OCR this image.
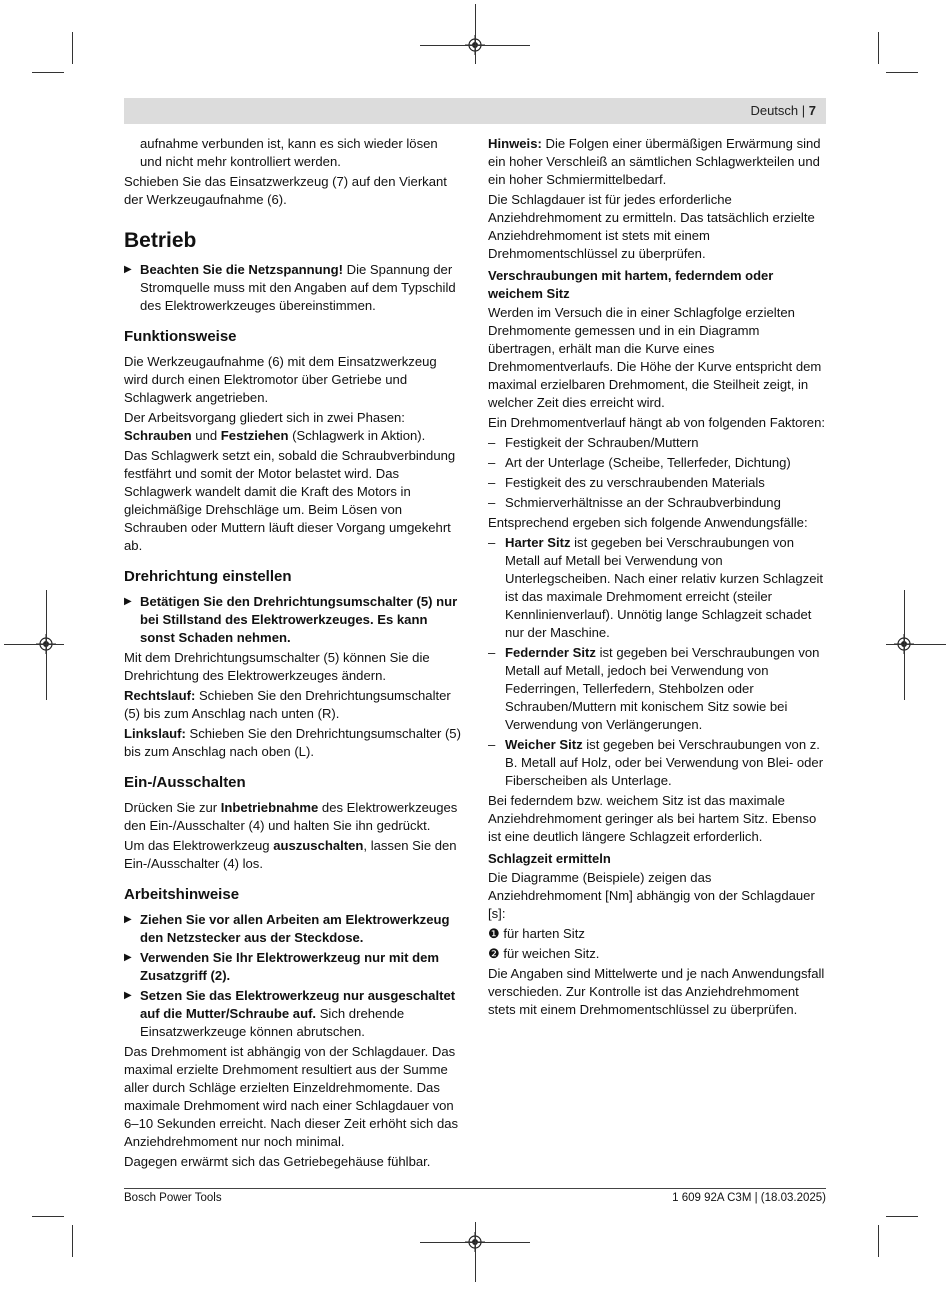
Deutsch | 7

aufnahme verbunden ist, kann es sich wieder lösen und nicht mehr kontrolliert werden.

Schieben Sie das Einsatzwerkzeug (7) auf den Vierkant der Werkzeugaufnahme (6).

Betrieb

▶ Beachten Sie die Netzspannung! Die Spannung der Stromquelle muss mit den Angaben auf dem Typschild des Elektrowerkzeuges übereinstimmen.

Funktionsweise

Die Werkzeugaufnahme (6) mit dem Einsatzwerkzeug wird durch einen Elektromotor über Getriebe und Schlagwerk angetrieben.

Der Arbeitsvorgang gliedert sich in zwei Phasen:
Schrauben und Festziehen (Schlagwerk in Aktion).

Das Schlagwerk setzt ein, sobald die Schraubverbindung festfährt und somit der Motor belastet wird. Das Schlagwerk wandelt damit die Kraft des Motors in gleichmäßige Drehschläge um. Beim Lösen von Schrauben oder Muttern läuft dieser Vorgang umgekehrt ab.

Drehrichtung einstellen

▶ Betätigen Sie den Drehrichtungsumschalter (5) nur bei Stillstand des Elektrowerkzeuges. Es kann sonst Schaden nehmen.

Mit dem Drehrichtungsumschalter (5) können Sie die Drehrichtung des Elektrowerkzeuges ändern.

Rechtslauf: Schieben Sie den Drehrichtungsumschalter (5) bis zum Anschlag nach unten (R).

Linkslauf: Schieben Sie den Drehrichtungsumschalter (5) bis zum Anschlag nach oben (L).

Ein-/Ausschalten

Drücken Sie zur Inbetriebnahme des Elektrowerkzeuges den Ein-/Ausschalter (4) und halten Sie ihn gedrückt.

Um das Elektrowerkzeug auszuschalten, lassen Sie den Ein-/Ausschalter (4) los.

Arbeitshinweise

▶ Ziehen Sie vor allen Arbeiten am Elektrowerkzeug den Netzstecker aus der Steckdose.

▶ Verwenden Sie Ihr Elektrowerkzeug nur mit dem Zusatzgriff (2).

▶ Setzen Sie das Elektrowerkzeug nur ausgeschaltet auf die Mutter/Schraube auf. Sich drehende Einsatzwerkzeuge können abrutschen.

Das Drehmoment ist abhängig von der Schlagdauer. Das maximal erzielte Drehmoment resultiert aus der Summe aller durch Schläge erzielten Einzeldrehmomente. Das maximale Drehmoment wird nach einer Schlagdauer von 6–10 Sekunden erreicht. Nach dieser Zeit erhöht sich das Anziehdrehmoment nur noch minimal.

Dagegen erwärmt sich das Getriebegehäuse fühlbar.

Hinweis: Die Folgen einer übermäßigen Erwärmung sind ein hoher Verschleiß an sämtlichen Schlagwerkteilen und ein hoher Schmiermittelbedarf.

Die Schlagdauer ist für jedes erforderliche Anziehdrehmoment zu ermitteln. Das tatsächlich erzielte Anziehdrehmoment ist stets mit einem Drehmomentschlüssel zu überprüfen.

Verschraubungen mit hartem, federndem oder weichem Sitz

Werden im Versuch die in einer Schlagfolge erzielten Drehmomente gemessen und in ein Diagramm übertragen, erhält man die Kurve eines Drehmomentverlaufs. Die Höhe der Kurve entspricht dem maximal erzielbaren Drehmoment, die Steilheit zeigt, in welcher Zeit dies erreicht wird.

Ein Drehmomentverlauf hängt ab von folgenden Faktoren:

– Festigkeit der Schrauben/Muttern

– Art der Unterlage (Scheibe, Tellerfeder, Dichtung)

– Festigkeit des zu verschraubenden Materials

– Schmierverhältnisse an der Schraubverbindung

Entsprechend ergeben sich folgende Anwendungsfälle:

– Harter Sitz ist gegeben bei Verschraubungen von Metall auf Metall bei Verwendung von Unterlegscheiben. Nach einer relativ kurzen Schlagzeit ist das maximale Drehmoment erreicht (steiler Kennlinienverlauf). Unnötig lange Schlagzeit schadet nur der Maschine.

– Federnder Sitz ist gegeben bei Verschraubungen von Metall auf Metall, jedoch bei Verwendung von Federringen, Tellerfedern, Stehbolzen oder Schrauben/Muttern mit konischem Sitz sowie bei Verwendung von Verlängerungen.

– Weicher Sitz ist gegeben bei Verschraubungen von z. B. Metall auf Holz, oder bei Verwendung von Blei- oder Fiberscheiben als Unterlage.

Bei federndem bzw. weichem Sitz ist das maximale Anziehdrehmoment geringer als bei hartem Sitz. Ebenso ist eine deutlich längere Schlagzeit erforderlich.

Schlagzeit ermitteln

Die Diagramme (Beispiele) zeigen das Anziehdrehmoment [Nm] abhängig von der Schlagdauer [s]:

❶ für harten Sitz

❷ für weichen Sitz.

Die Angaben sind Mittelwerte und je nach Anwendungsfall verschieden. Zur Kontrolle ist das Anziehdrehmoment stets mit einem Drehmomentschlüssel zu überprüfen.

Bosch Power Tools	1 609 92A C3M | (18.03.2025)
